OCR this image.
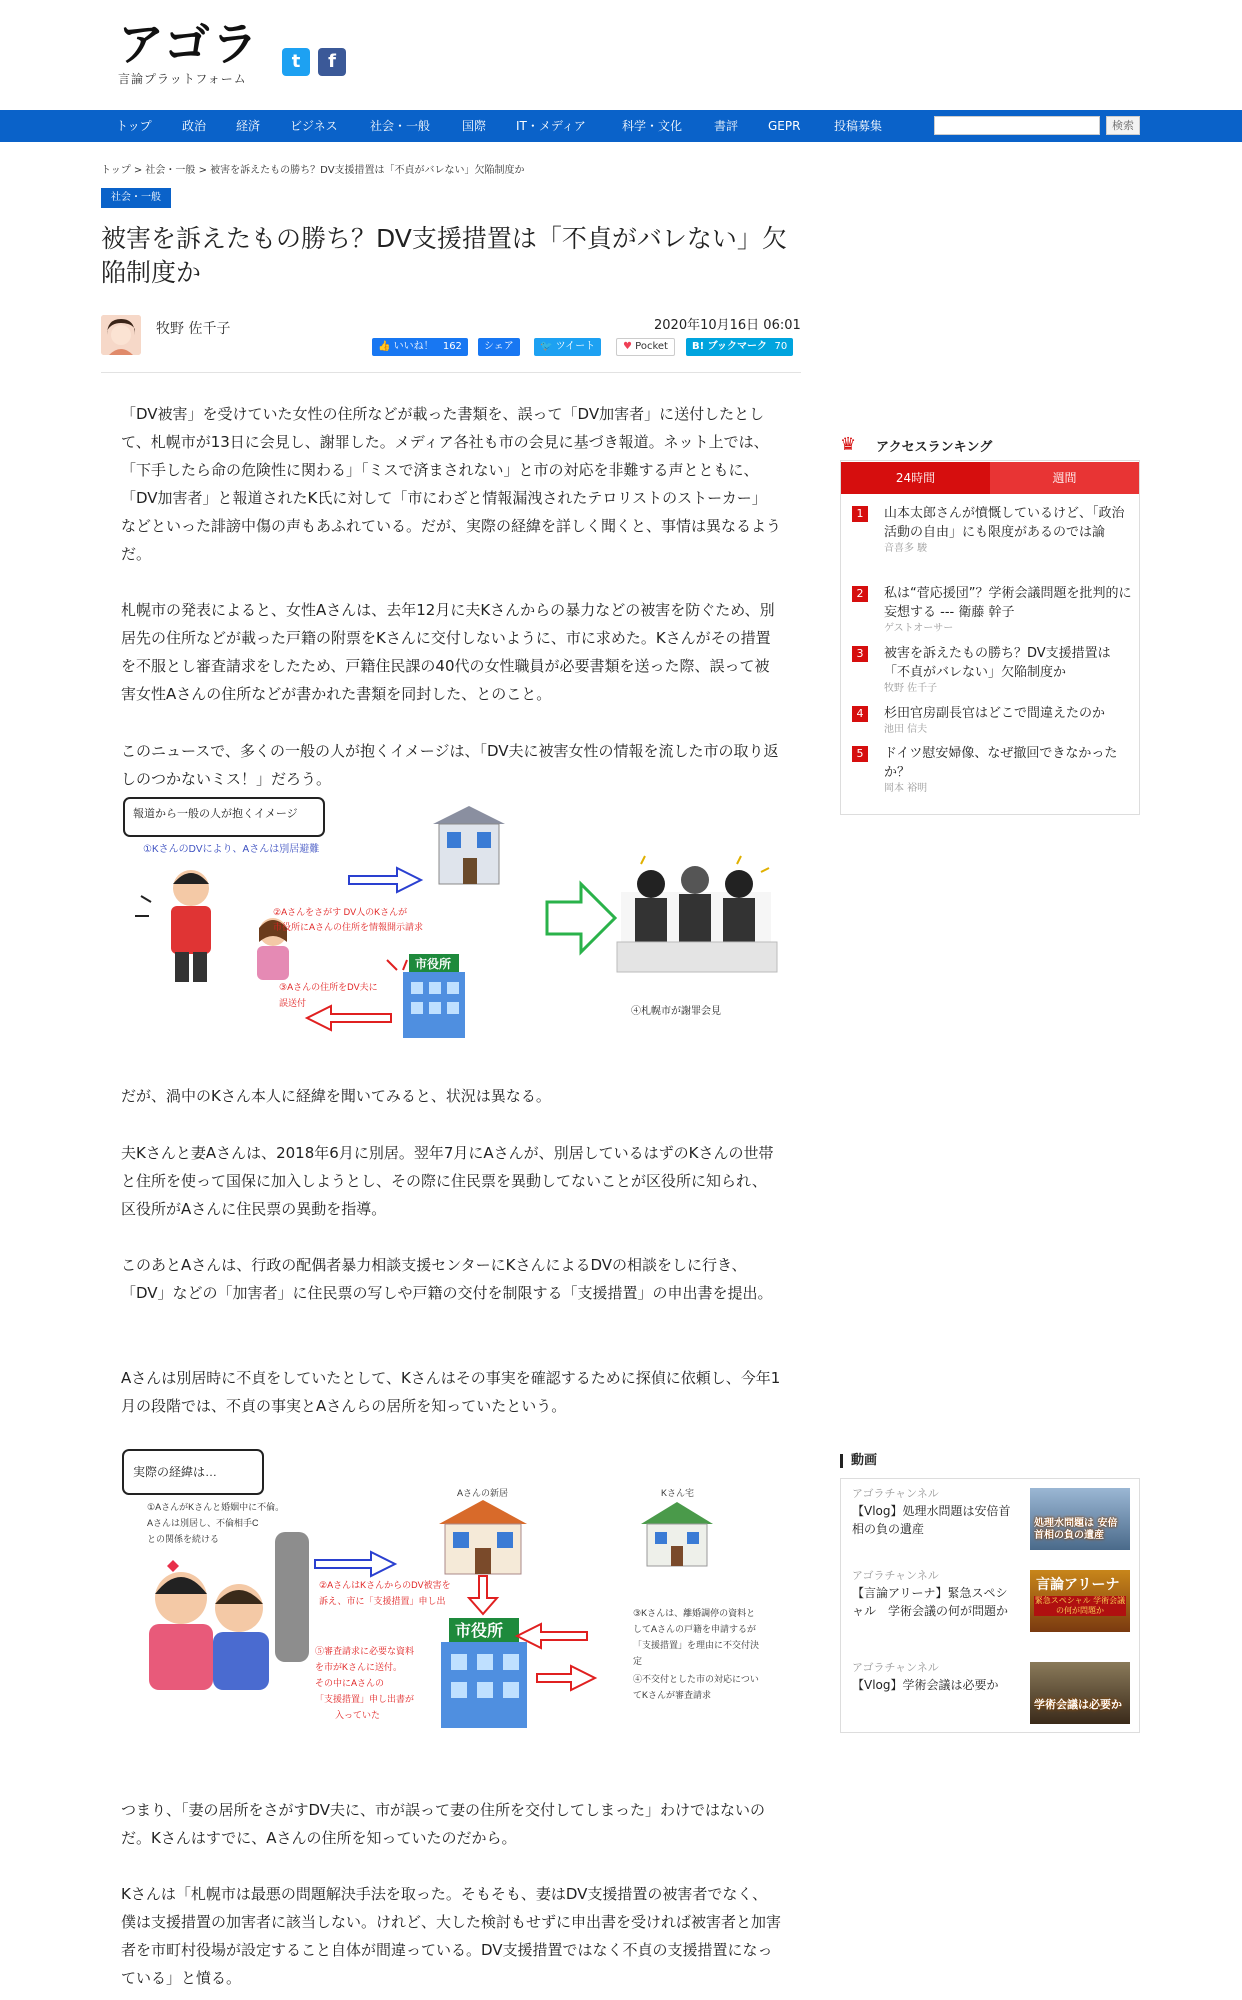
アゴラ
言論プラットフォーム
t	f
トップ	政治 経済 ビジネス	社会・一般	国際 IT・メディア	科学・文化	書評 GEPR	投稿募集	検索
トップ > 社会・一般 > 被害を訴えたもの勝ち？DV支援措置は「不貞がバレない」欠陥制度か
社会・一般
被害を訴えたもの勝ち？DV支援措置は「不貞がバレない」欠陥制度か
牧野 佐千子	2020年10月16日 06:01
👍 いいね！ 162	シェア	🐦 ツイート	♥ Pocket	B! ブックマーク 70

「DV被害」を受けていた女性の住所などが載った書類を、誤って「DV加害者」に送付したとして、札幌市が13日に会見し、謝罪した。メディア各社も市の会見に基づき報道。ネット上では、「下手したら命の危険性に関わる」「ミスで済まされない」と市の対応を非難する声とともに、「DV加害者」と報道されたK氏に対して「市にわざと情報漏洩されたテロリストのストーカー」などといった誹謗中傷の声もあふれている。だが、実際の経緯を詳しく聞くと、事情は異なるようだ。

札幌市の発表によると、女性Aさんは、去年12月に夫Kさんからの暴力などの被害を防ぐため、別居先の住所などが載った戸籍の附票をKさんに交付しないように、市に求めた。Kさんがその措置を不服とし審査請求をしたため、戸籍住民課の40代の女性職員が必要書類を送った際、誤って被害女性Aさんの住所などが書かれた書類を同封した、とのこと。

このニュースで、多くの一般の人が抱くイメージは、「DV夫に被害女性の情報を流した市の取り返しのつかないミス！」だろう。

報道から一般の人が抱くイメージ
①KさんのDVにより、Aさんは別居避難
②Aさんをさがす DV人のKさんが
市役所にAさんの住所を情報開示請求
市役所
③Aさんの住所をDV夫に
誤送付
④札幌市が謝罪会見

だが、渦中のKさん本人に経緯を聞いてみると、状況は異なる。

夫Kさんと妻Aさんは、2018年6月に別居。翌年7月にAさんが、別居しているはずのKさんの世帯と住所を使って国保に加入しようとし、その際に住民票を異動してないことが区役所に知られ、区役所がAさんに住民票の異動を指導。

このあとAさんは、行政の配偶者暴力相談支援センターにKさんによるDVの相談をしに行き、「DV」などの「加害者」に住民票の写しや戸籍の交付を制限する「支援措置」の申出書を提出。

Aさんは別居時に不貞をしていたとして、Kさんはその事実を確認するために探偵に依頼し、今年1月の段階では、不貞の事実とAさんらの居所を知っていたという。

実際の経緯は…
①AさんがKさんと婚姻中に不倫。
Aさんは別居し、不倫相手C
との関係を続ける
Aさんの新居	Kさん宅
②AさんはKさんからのDV被害を
訴え、市に「支援措置」申し出
市役所
⑤審査請求に必要な資料
を市がKさんに送付。
その中にAさんの
「支援措置」申し出書が
入っていた
③Kさんは、離婚調停の資料と
してAさんの戸籍を申請するが
「支援措置」を理由に不交付決
定
④不交付とした市の対応につい
てKさんが審査請求

つまり、「妻の居所をさがすDV夫に、市が誤って妻の住所を交付してしまった」わけではないのだ。Kさんはすでに、Aさんの住所を知っていたのだから。

Kさんは「札幌市は最悪の問題解決手法を取った。そもそも、妻はDV支援措置の被害者でなく、僕は支援措置の加害者に該当しない。けれど、大した検討もせずに申出書を受ければ被害者と加害者を市町村役場が設定すること自体が間違っている。DV支援措置ではなく不貞の支援措置になっている」と憤る。

♛ アクセスランキング
24時間	週間
1	山本太郎さんが憤慨しているけど、「政治活動の自由」にも限度があるのでは論
音喜多 駿
2	私は“菅応援団”？学術会議問題を批判的に妄想する --- 衛藤 幹子
ゲストオーサー
3	被害を訴えたもの勝ち？DV支援措置は「不貞がバレない」欠陥制度か
牧野 佐千子
4	杉田官房副長官はどこで間違えたのか
池田 信夫
5	ドイツ慰安婦像、なぜ撤回できなかったか？
岡本 裕明
動画
アゴラチャンネル
【Vlog】処理水問題は安倍首相の負の遺産	処理水問題は 安倍首相の負の遺産
アゴラチャンネル
【言論アリーナ】緊急スペシャル　学術会議の何が問題か
言論アリーナ
緊急スペシャル 学術会議の何が問題か
アゴラチャンネル
【Vlog】学術会議は必要か
学術会議は必要か
